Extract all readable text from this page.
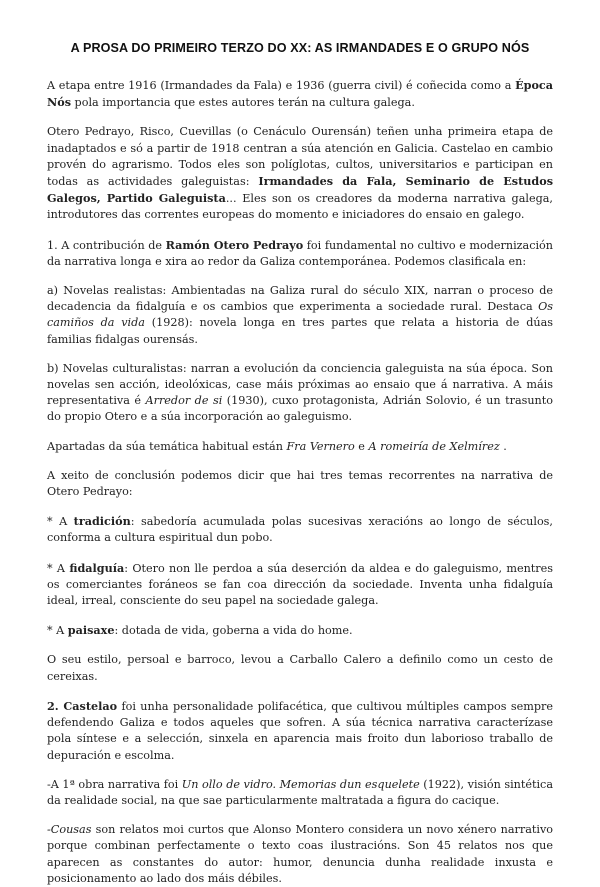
A PROSA DO PRIMEIRO TERZO DO XX: AS IRMANDADES E O GRUPO NÓS

A etapa entre 1916 (Irmandades da Fala) e 1936 (guerra civil) é coñecida como a Época Nós pola importancia que estes autores terán na cultura galega.

Otero Pedrayo, Risco, Cuevillas (o Cenáculo Ourensán) teñen unha primeira etapa de inadaptados e só a partir de 1918 centran a súa atención en Galicia. Castelao en cambio provén do agrarismo. Todos eles son políglotas, cultos, universitarios e participan en todas as actividades galeguistas: Irmandades da Fala, Seminario de Estudos Galegos, Partido Galeguista... Eles son os creadores da moderna narrativa galega, introdutores das correntes europeas do momento e iniciadores do ensaio en galego.

1. A contribución de Ramón Otero Pedrayo foi fundamental no cultivo e modernización da narrativa longa e xira ao redor da Galiza contemporánea. Podemos clasificala en:

a) Novelas realistas: Ambientadas na Galiza rural do século XIX, narran o proceso de decadencia da fidalguía e os cambios que experimenta a sociedade rural. Destaca Os camiños da vida (1928): novela longa en tres partes que relata a historia de dúas familias fidalgas ourensás.

b) Novelas culturalistas: narran a evolución da conciencia galeguista na súa época. Son novelas sen acción, ideolóxicas, case máis próximas ao ensaio que á narrativa. A máis representativa é Arredor de si (1930), cuxo protagonista, Adrián Solovio, é un trasunto do propio Otero e a súa incorporación ao galeguismo.

Apartadas da súa temática habitual están Fra Vernero e A romeiría de Xelmírez .

A xeito de conclusión podemos dicir que hai tres temas recorrentes na narrativa de Otero Pedrayo:

* A tradición: sabedoría acumulada polas sucesivas xeracións ao longo de séculos, conforma a cultura espiritual dun pobo.

* A fidalguía: Otero non lle perdoa a súa deserción da aldea e do galeguismo, mentres os comerciantes foráneos se fan coa dirección da sociedade. Inventa unha fidalguía ideal, irreal, consciente do seu papel na sociedade galega.

* A paisaxe: dotada de vida, goberna a vida do home.

O seu estilo, persoal e barroco, levou a Carballo Calero a definilo como un cesto de cereixas.

2. Castelao foi unha personalidade polifacética, que cultivou múltiples campos sempre defendendo Galiza e todos aqueles que sofren. A súa técnica narrativa caracterízase pola síntese e a selección, sinxela en aparencia mais froito dun laborioso traballo de depuración e escolma.

-A 1ª obra narrativa foi Un ollo de vidro. Memorias dun esquelete (1922), visión sintética da realidade social, na que sae particularmente maltratada a figura do cacique.

-Cousas son relatos moi curtos que Alonso Montero considera un novo xénero narrativo porque combinan perfectamente o texto coas ilustracións. Son 45 relatos nos que aparecen as constantes do autor: humor, denuncia dunha realidade inxusta e posicionamento ao lado dos máis débiles.
